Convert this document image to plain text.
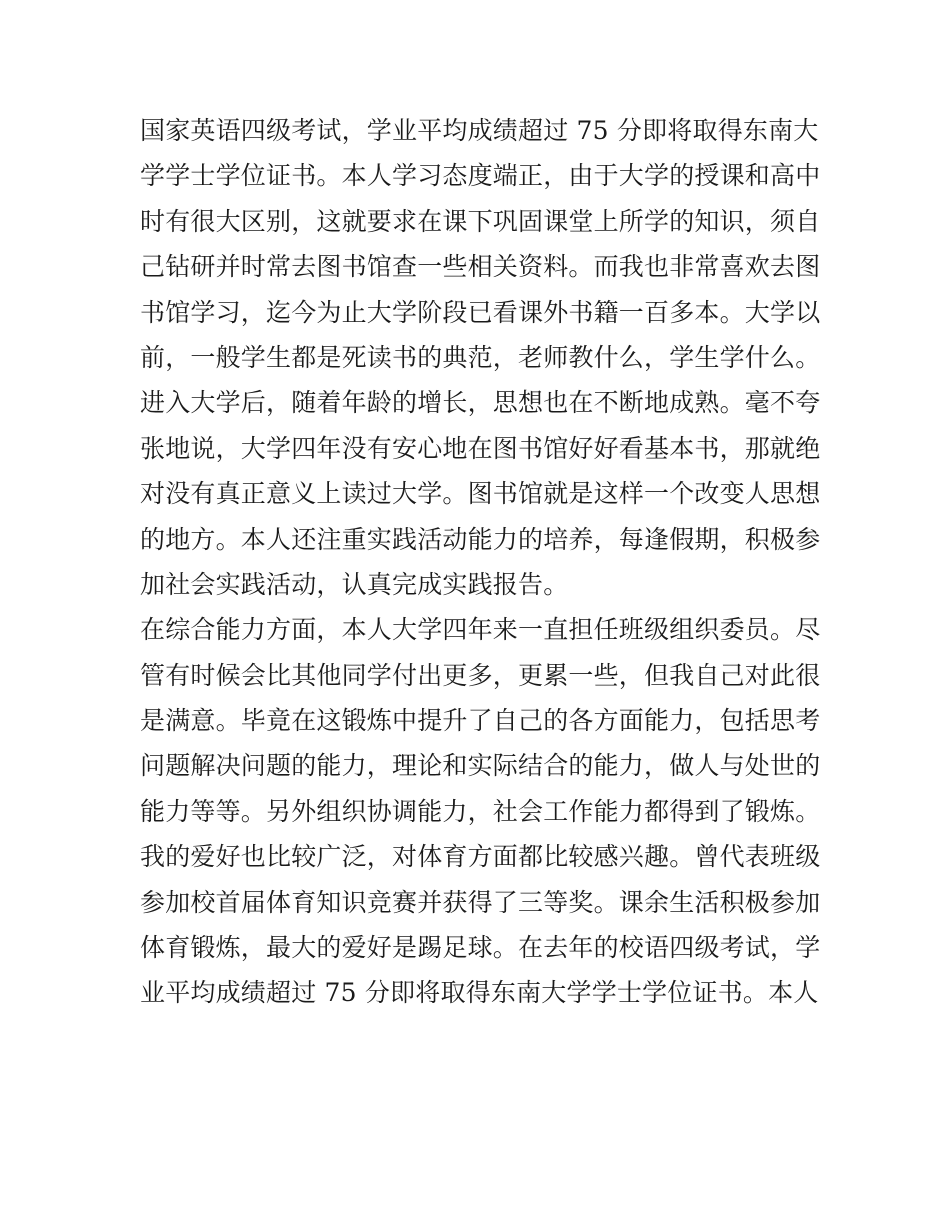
国家英语四级考试，学业平均成绩超过 75 分即将取得东南大
学学士学位证书。本人学习态度端正，由于大学的授课和高中
时有很大区别，这就要求在课下巩固课堂上所学的知识，须自
己钻研并时常去图书馆查一些相关资料。而我也非常喜欢去图
书馆学习，迄今为止大学阶段已看课外书籍一百多本。大学以
前，一般学生都是死读书的典范，老师教什么，学生学什么。
进入大学后，随着年龄的增长，思想也在不断地成熟。毫不夸
张地说，大学四年没有安心地在图书馆好好看基本书，那就绝
对没有真正意义上读过大学。图书馆就是这样一个改变人思想
的地方。本人还注重实践活动能力的培养，每逢假期，积极参
加社会实践活动，认真完成实践报告。
在综合能力方面，本人大学四年来一直担任班级组织委员。尽
管有时候会比其他同学付出更多，更累一些，但我自己对此很
是满意。毕竟在这锻炼中提升了自己的各方面能力，包括思考
问题解决问题的能力，理论和实际结合的能力，做人与处世的
能力等等。另外组织协调能力，社会工作能力都得到了锻炼。
我的爱好也比较广泛，对体育方面都比较感兴趣。曾代表班级
参加校首届体育知识竞赛并获得了三等奖。课余生活积极参加
体育锻炼，最大的爱好是踢足球。在去年的校语四级考试，学
业平均成绩超过 75 分即将取得东南大学学士学位证书。本人
